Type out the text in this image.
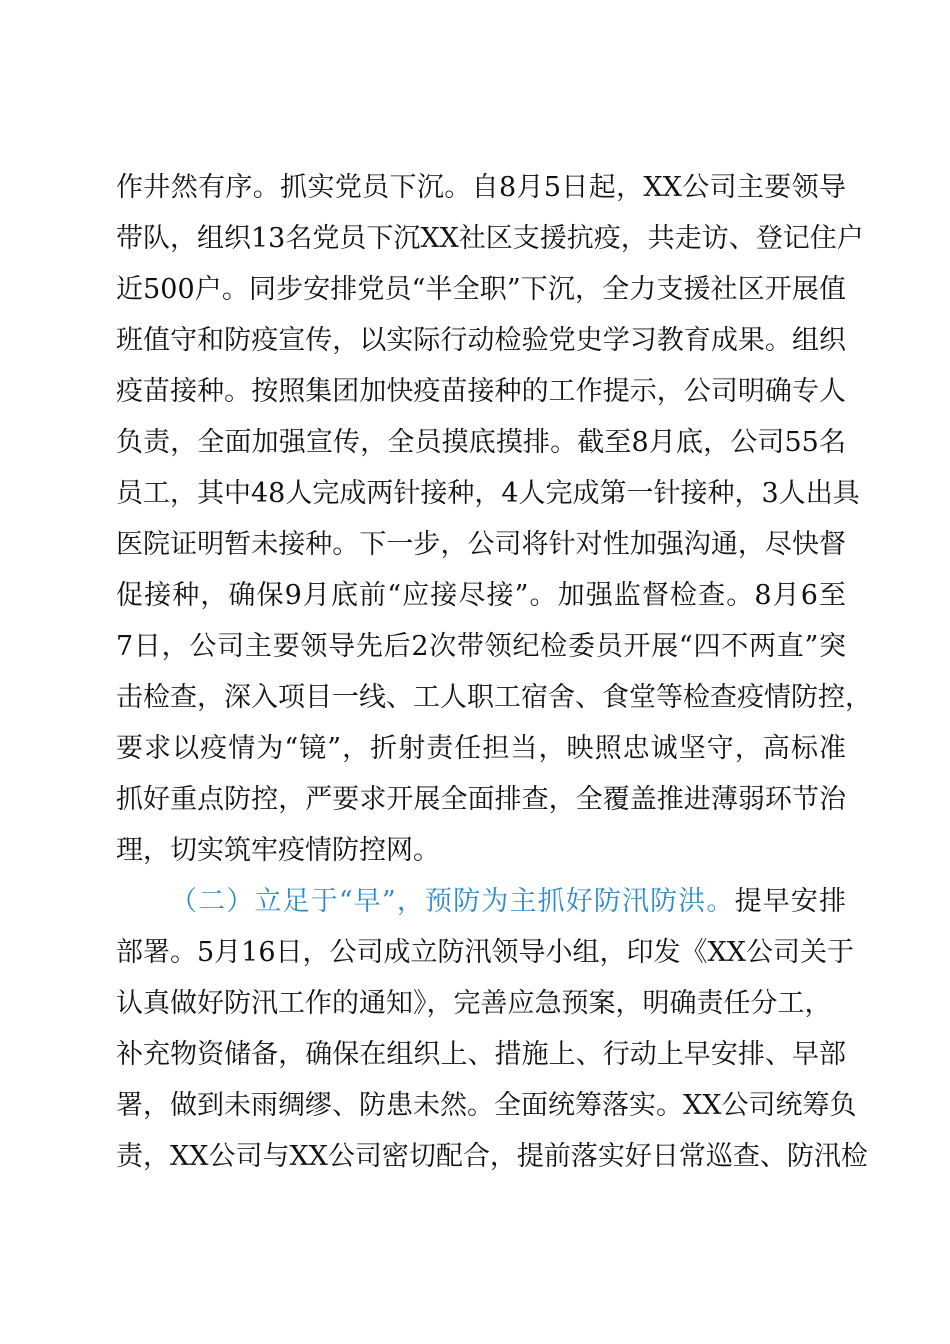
作井然有序。抓实党员下沉。自8月5日起，XX公司主要领导
带队，组织13名党员下沉XX社区支援抗疫，共走访、登记住户
近500户。同步安排党员“半全职”下沉，全力支援社区开展值
班值守和防疫宣传，以实际行动检验党史学习教育成果。组织
疫苗接种。按照集团加快疫苗接种的工作提示，公司明确专人
负责，全面加强宣传，全员摸底摸排。截至8月底，公司55名
员工，其中48人完成两针接种，4人完成第一针接种，3人出具
医院证明暂未接种。下一步，公司将针对性加强沟通，尽快督
促接种，确保9月底前“应接尽接”。加强监督检查。8月6至
7日，公司主要领导先后2次带领纪检委员开展“四不两直”突
击检查，深入项目一线、工人职工宿舍、食堂等检查疫情防控，
要求以疫情为“镜”，折射责任担当，映照忠诚坚守，高标准
抓好重点防控，严要求开展全面排查，全覆盖推进薄弱环节治
理，切实筑牢疫情防控网。
（二）立足于“早”，预防为主抓好防汛防洪。提早安排
部署。5月16日，公司成立防汛领导小组，印发《XX公司关于
认真做好防汛工作的通知》，完善应急预案，明确责任分工，
补充物资储备，确保在组织上、措施上、行动上早安排、早部
署，做到未雨绸缪、防患未然。全面统筹落实。XX公司统筹负
责，XX公司与XX公司密切配合，提前落实好日常巡查、防汛检
